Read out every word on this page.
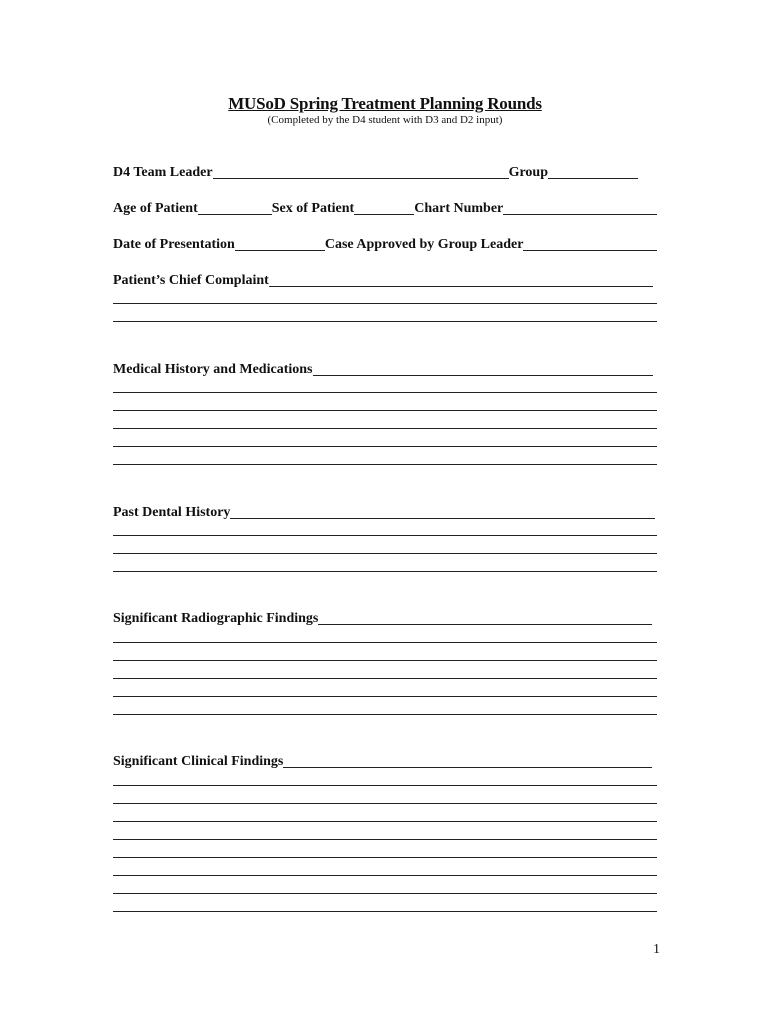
MUSoD Spring Treatment Planning Rounds
(Completed by the D4 student with D3 and D2 input)
D4 Team Leader	Group
Age of Patient	Sex of Patient	Chart Number
Date of Presentation	Case Approved by Group Leader
Patient’s Chief Complaint
Medical History and Medications
Past Dental History
Significant Radiographic Findings
Significant Clinical Findings
1
